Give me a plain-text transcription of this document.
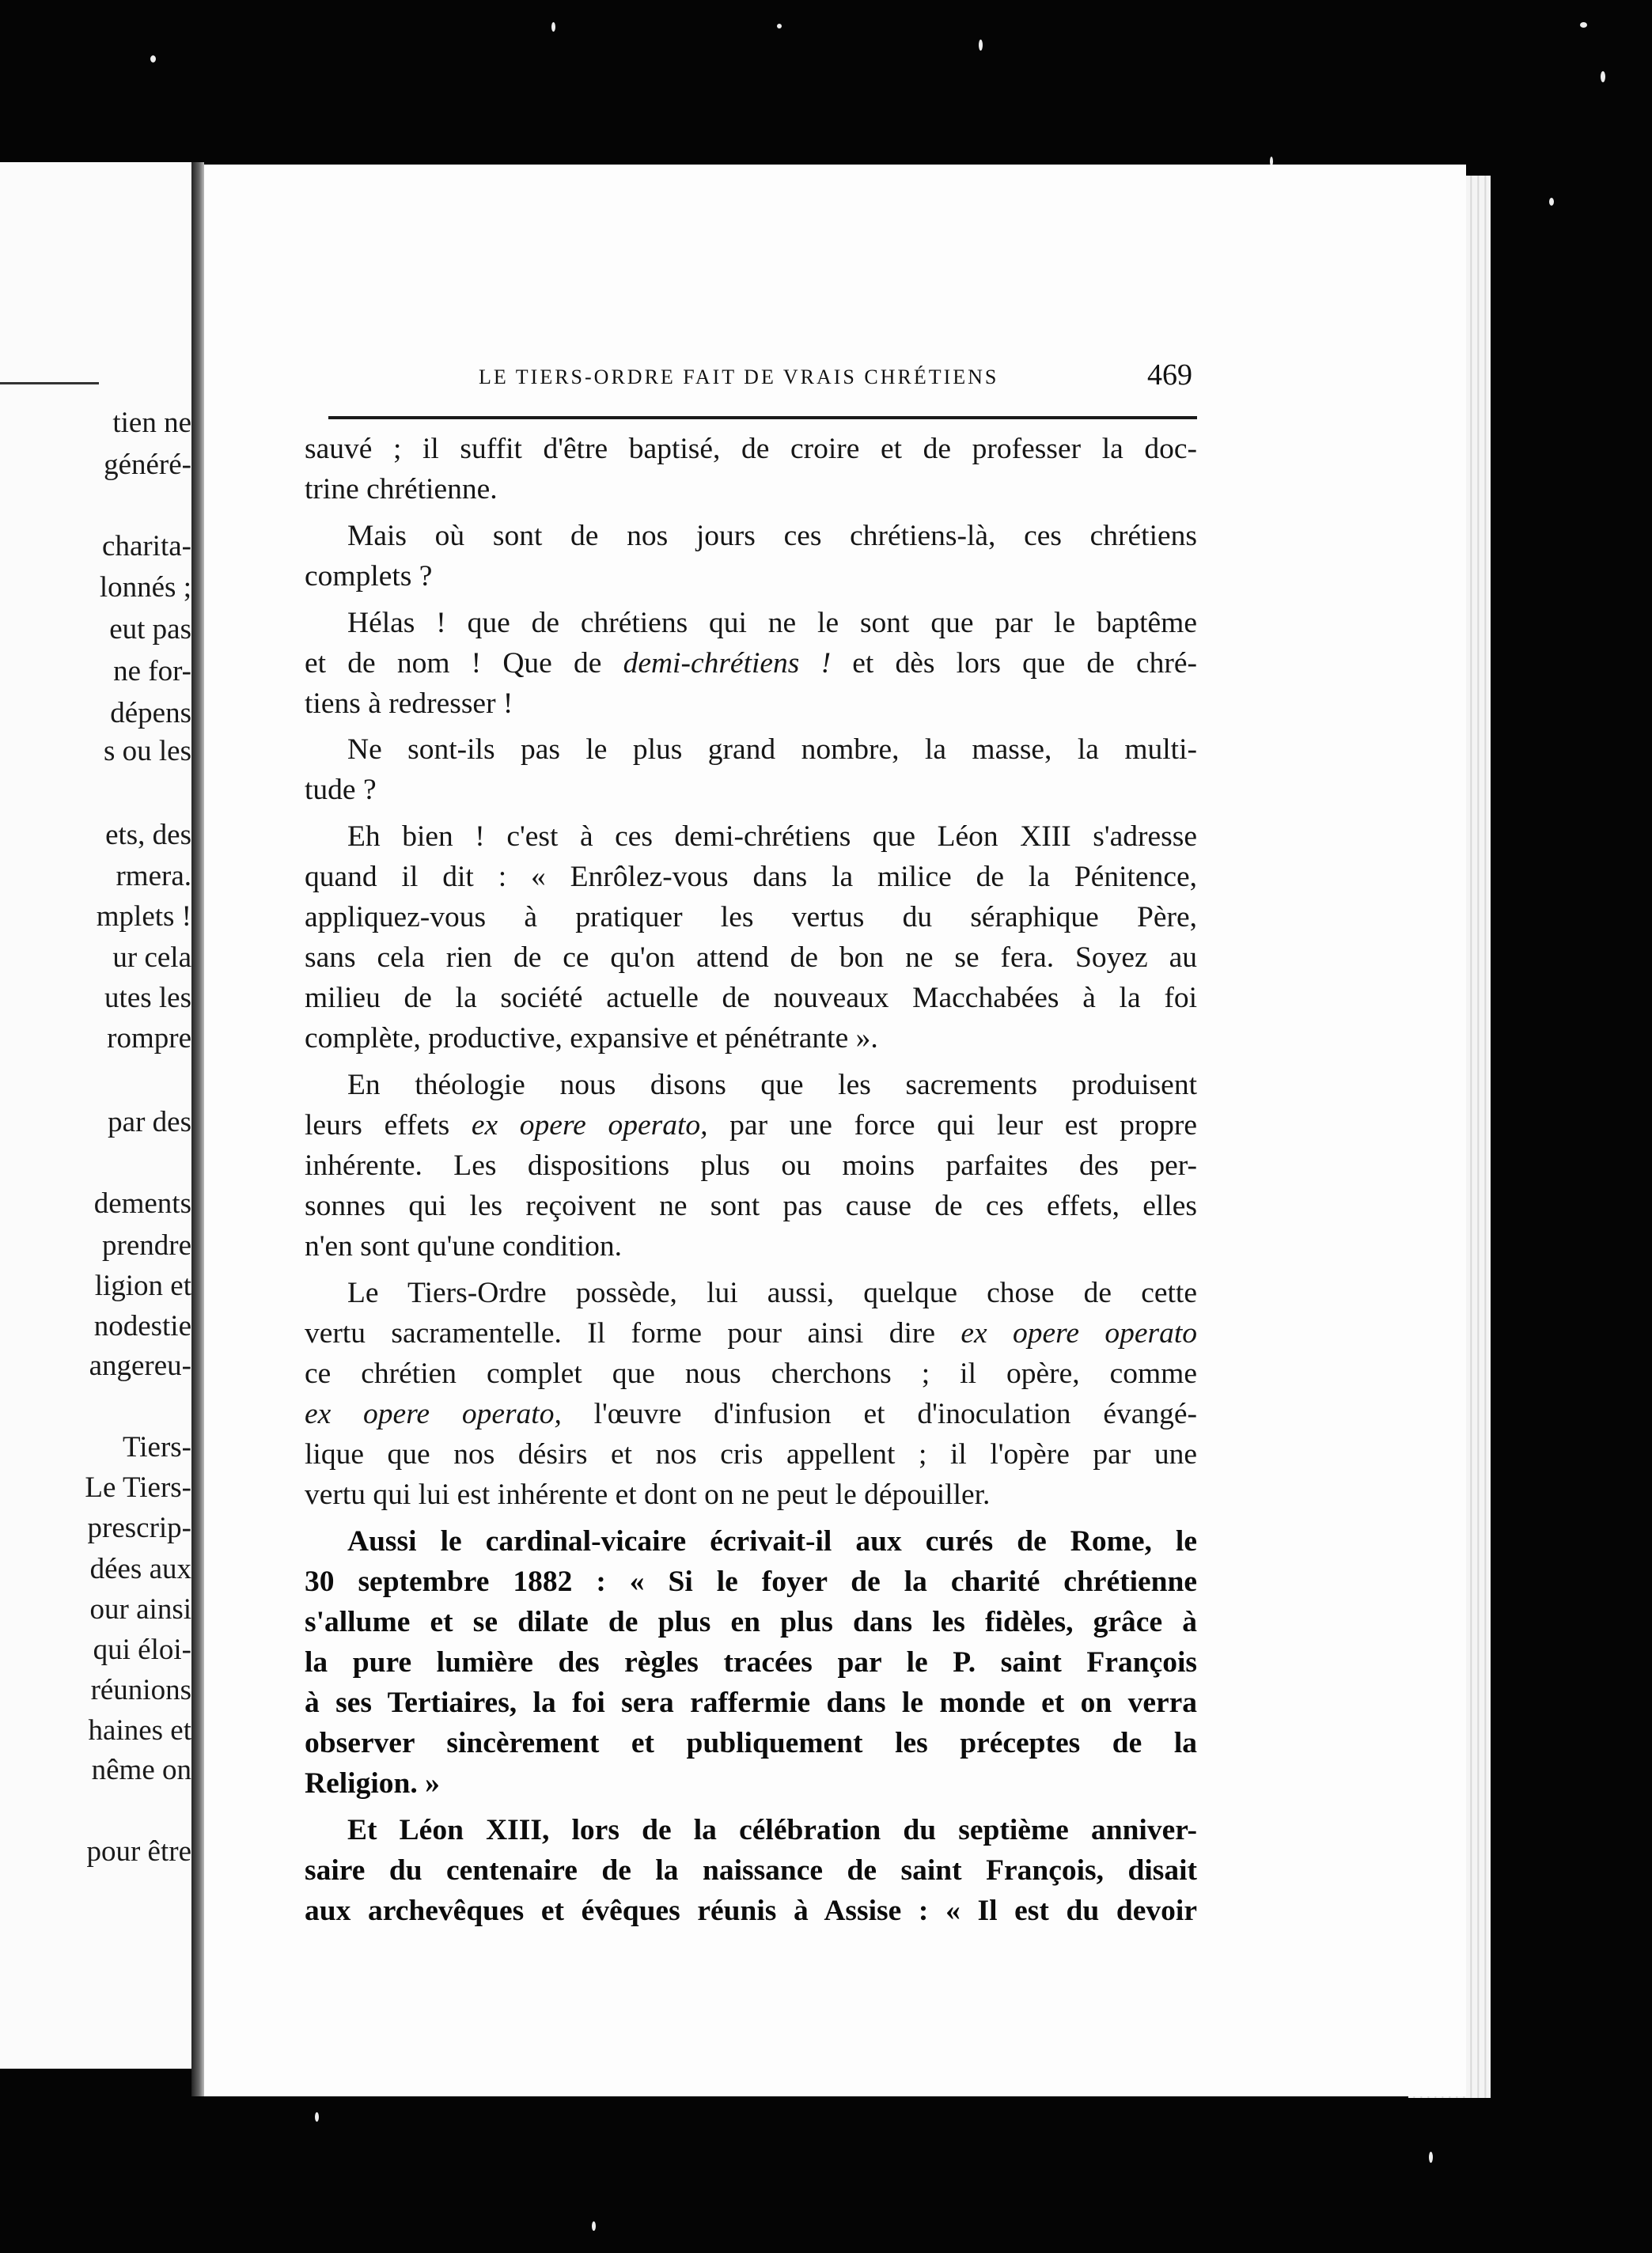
tien ne
généré-
charita-
lonnés ;
eut pas
ne for-
dépens
s ou les
ets, des
rmera.
mplets !
ur cela
utes les
rompre
par des
dements
prendre
ligion et
nodestie
angereu-
Tiers-
Le Tiers-
prescrip-
dées aux
our ainsi
qui éloi-
réunions
haines et
nême on
pour être
LE TIERS-ORDRE FAIT DE VRAIS CHRÉTIENS	469
sauvé ; il suffit d'être baptisé, de croire et de professer la doc-
trine chrétienne.
Mais où sont de nos jours ces chrétiens-là, ces chrétiens
complets ?
Hélas ! que de chrétiens qui ne le sont que par le baptême
et de nom ! Que de demi-chrétiens ! et dès lors que de chré-
tiens à redresser !
Ne sont-ils pas le plus grand nombre, la masse, la multi-
tude ?
Eh bien ! c'est à ces demi-chrétiens que Léon XIII s'adresse
quand il dit : « Enrôlez-vous dans la milice de la Pénitence,
appliquez-vous à pratiquer les vertus du séraphique Père,
sans cela rien de ce qu'on attend de bon ne se fera. Soyez au
milieu de la société actuelle de nouveaux Macchabées à la foi
complète, productive, expansive et pénétrante ».
En théologie nous disons que les sacrements produisent
leurs effets ex opere operato, par une force qui leur est propre
inhérente. Les dispositions plus ou moins parfaites des per-
sonnes qui les reçoivent ne sont pas cause de ces effets, elles
n'en sont qu'une condition.
Le Tiers-Ordre possède, lui aussi, quelque chose de cette
vertu sacramentelle. Il forme pour ainsi dire ex opere operato
ce chrétien complet que nous cherchons ; il opère, comme
ex opere operato, l'œuvre d'infusion et d'inoculation évangé-
lique que nos désirs et nos cris appellent ; il l'opère par une
vertu qui lui est inhérente et dont on ne peut le dépouiller.
Aussi le cardinal-vicaire écrivait-il aux curés de Rome, le
30 septembre 1882 : « Si le foyer de la charité chrétienne
s'allume et se dilate de plus en plus dans les fidèles, grâce à
la pure lumière des règles tracées par le P. saint François
à ses Tertiaires, la foi sera raffermie dans le monde et on verra
observer sincèrement et publiquement les préceptes de la
Religion. »
Et Léon XIII, lors de la célébration du septième anniver-
saire du centenaire de la naissance de saint François, disait
aux archevêques et évêques réunis à Assise : « Il est du devoir
